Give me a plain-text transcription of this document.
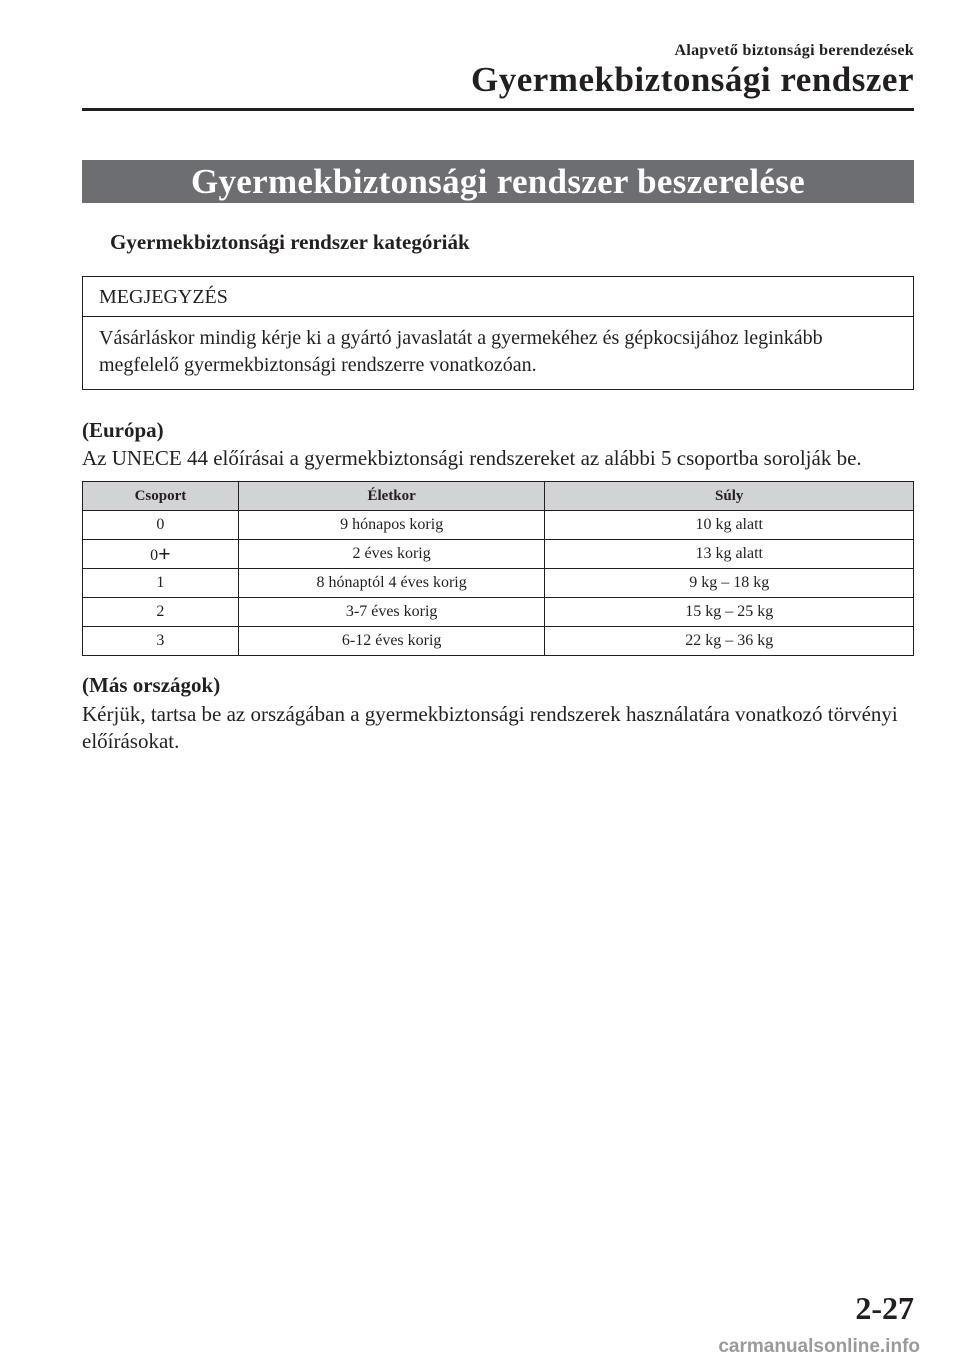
Alapvető biztonsági berendezések
Gyermekbiztonsági rendszer
Gyermekbiztonsági rendszer beszerelése
Gyermekbiztonsági rendszer kategóriák
MEGJEGYZÉS
Vásárláskor mindig kérje ki a gyártó javaslatát a gyermekéhez és gépkocsijához leginkább megfelelő gyermekbiztonsági rendszerre vonatkozóan.
(Európa)
Az UNECE 44 előírásai a gyermekbiztonsági rendszereket az alábbi 5 csoportba sorolják be.
Csoport	Életkor	Súly
0	9 hónapos korig	10 kg alatt
0+	2 éves korig	13 kg alatt
1	8 hónaptól 4 éves korig	9 kg – 18 kg
2	3-7 éves korig	15 kg – 25 kg
3	6-12 éves korig	22 kg – 36 kg
(Más országok)
Kérjük, tartsa be az országában a gyermekbiztonsági rendszerek használatára vonatkozó törvényi előírásokat.
2-27
carmanualsonline.info
